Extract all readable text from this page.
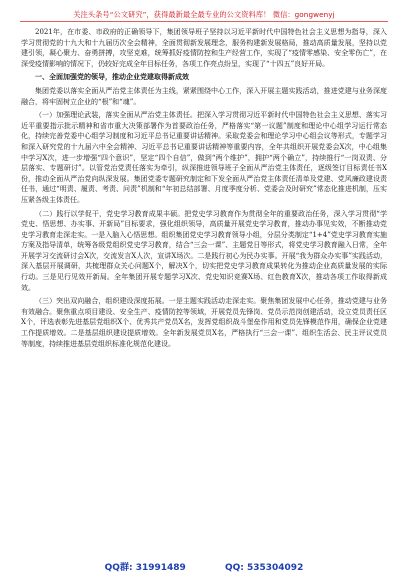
关注头条号“公文研究”，获得最新最全最专业的公文资料库！ 微信：gongwenyj

2021年，在市委、市政府的正确领导下，集团领导班子坚持以习近平新时代中国特色社会主义思想为指导，深入学习贯彻党的十九大和十九届历次全会精神，全面贯彻新发展理念，服务构建新发展格局，推动高质量发展，坚持以党建引领，凝心聚力、奋勇拼搏，攻坚克难，统筹抓好疫情防控和生产经营工作，实现了“疫情零感染、安全零伤亡”，在深受疫情影响的情况下，仍较好完成全年目标任务，各项工作亮点纷呈，实现了“十四五”良好开局。

一、全面加强党的领导，推动企业党建取得新成效

集团党委以落实全面从严治党主体责任为主线，紧紧围绕中心工作，深入开展主题实践活动，推进党建与业务深度融合，将牢固树立企业的“根”和“魂”。

（一）加强理论武装，落实全面从严治党主体责任。把深入学习贯彻习近平新时代中国特色社会主义思想、落实习近平重要指示批示精神和省市重大决策部署作为首要政治任务，严格落实“第一议题”制度和理论中心组学习运行常态化，持续完善党委中心组学习制度和习近平总书记重要讲话精神。采取党委会和理论学习中心组会议等形式，专题学习和深入研究党的十九届六中全会精神、习近平总书记重要讲话精神等重要内容，全年共组织开展党委会X次，中心组集中学习X次，进一步增强“四个意识”，坚定“四个自信”，做到“两个维护”，拥护“两个确立”，持续推行“一岗双责、分层落实、专题研讨”。以管党治党责任落实为牵引，纵深推进领导班子全面从严治党主体责任，逐级签订目标责任书X份，推动全面从严治党向纵深发展。集团党委专题研究制定和下发全面从严治党主体责任清单及党建、党风廉政建设责任书，通过“明责、履责、考责、问责”机制和“年初总结部署、月度季度分析、党委会及时研究”常态化推进机制，压实压紧各级主体责任。

（二）践行以学促干，党史学习教育成果丰硕。把党史学习教育作为贯彻全年的重要政治任务，深入学习贯彻“学党史、悟思想、办实事、开新局”目标要求，强化组织领导，高质量开展党史学习教育，推动办事见实效，不断推动党史学习教育走深走实。一是入脑入心悟思想。组织集团党史学习教育领导小组，分层分类制定“1+4”党史学习教育实施方案及指导清单，统筹各级党组织党史学习教育，结合“三会一课”、主题党日等形式，将党史学习教育融入日常，全年开展学习交流研讨会X次，交流发言X人次，宣讲X场次。二是践行初心为民办实事。开展“我为群众办实事”实践活动，深入基层开展调研，共梳理群众关心问题X个，解决X个，切实把党史学习教育成果转化为推动企业高质量发展的实际行动。三是见行见效开新局。全年集团开展专题学习X次、党史知识竞赛X场、红色教育X次，推动各项工作取得新成效。

（三）突出双向融合，组织建设深度拓展。一是主题实践活动走深走实。聚焦集团发展中心任务，推动党建与业务有效融合。聚焦重点项目建设、安全生产、疫情防控等领域，开展党员先锋岗、党员示范岗创建活动，设立党员责任区X个，评选表彰先进基层党组织X个、优秀共产党员X名，发挥党组织战斗堡垒作用和党员先锋模范作用，确保企业党建工作提质增效。二是基层组织建设提质增效。全年新发展党员X名，严格执行“三会一课”、组织生活会、民主评议党员等制度，持续推进基层党组织标准化规范化建设。

QQ群: 31991489	QQ: 535304092
